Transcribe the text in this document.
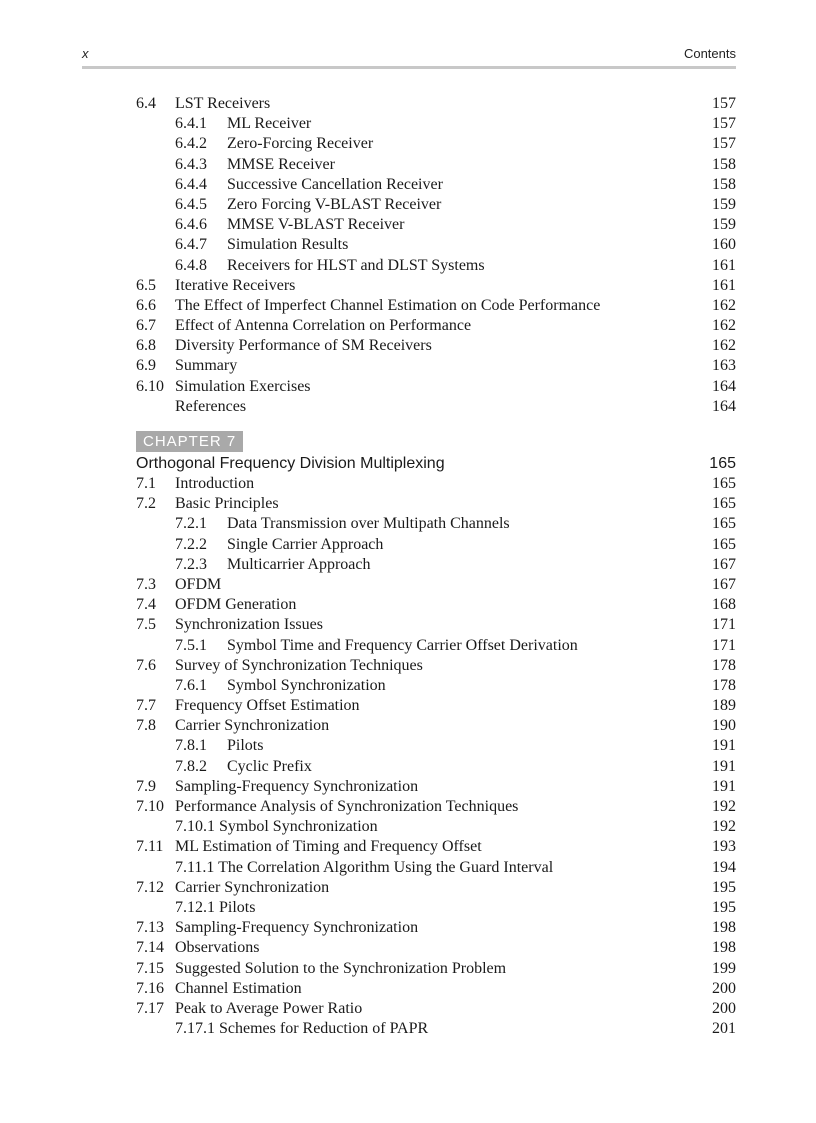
x	Contents
6.4 LST Receivers	157
6.4.1 ML Receiver	157
6.4.2 Zero-Forcing Receiver	157
6.4.3 MMSE Receiver	158
6.4.4 Successive Cancellation Receiver	158
6.4.5 Zero Forcing V-BLAST Receiver	159
6.4.6 MMSE V-BLAST Receiver	159
6.4.7 Simulation Results	160
6.4.8 Receivers for HLST and DLST Systems	161
6.5 Iterative Receivers	161
6.6 The Effect of Imperfect Channel Estimation on Code Performance	162
6.7 Effect of Antenna Correlation on Performance	162
6.8 Diversity Performance of SM Receivers	162
6.9 Summary	163
6.10 Simulation Exercises	164
References	164
CHAPTER 7
Orthogonal Frequency Division Multiplexing	165
7.1 Introduction	165
7.2 Basic Principles	165
7.2.1 Data Transmission over Multipath Channels	165
7.2.2 Single Carrier Approach	165
7.2.3 Multicarrier Approach	167
7.3 OFDM	167
7.4 OFDM Generation	168
7.5 Synchronization Issues	171
7.5.1 Symbol Time and Frequency Carrier Offset Derivation	171
7.6 Survey of Synchronization Techniques	178
7.6.1 Symbol Synchronization	178
7.7 Frequency Offset Estimation	189
7.8 Carrier Synchronization	190
7.8.1 Pilots	191
7.8.2 Cyclic Prefix	191
7.9 Sampling-Frequency Synchronization	191
7.10 Performance Analysis of Synchronization Techniques	192
7.10.1 Symbol Synchronization	192
7.11 ML Estimation of Timing and Frequency Offset	193
7.11.1 The Correlation Algorithm Using the Guard Interval	194
7.12 Carrier Synchronization	195
7.12.1 Pilots	195
7.13 Sampling-Frequency Synchronization	198
7.14 Observations	198
7.15 Suggested Solution to the Synchronization Problem	199
7.16 Channel Estimation	200
7.17 Peak to Average Power Ratio	200
7.17.1 Schemes for Reduction of PAPR	201
